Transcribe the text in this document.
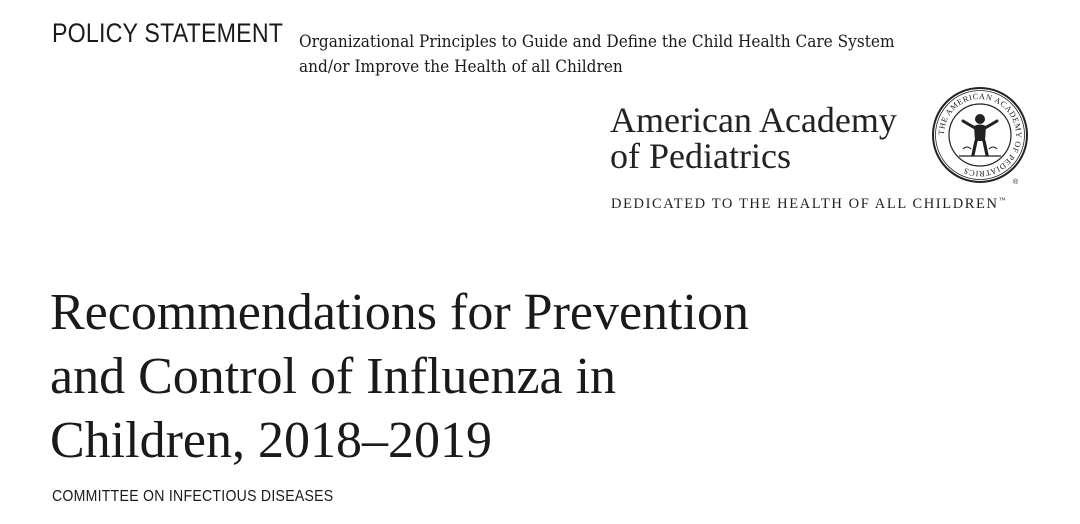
POLICY STATEMENT Organizational Principles to Guide and Define the Child Health Care System
and/or Improve the Health of all Children
American Academy
of Pediatrics
DEDICATED TO THE HEALTH OF ALL CHILDREN™
THE AMERICAN ACADEMY OF PEDIATRICS
®
Recommendations for Prevention
and Control of Influenza in
Children, 2018–2019
COMMITTEE ON INFECTIOUS DISEASES
